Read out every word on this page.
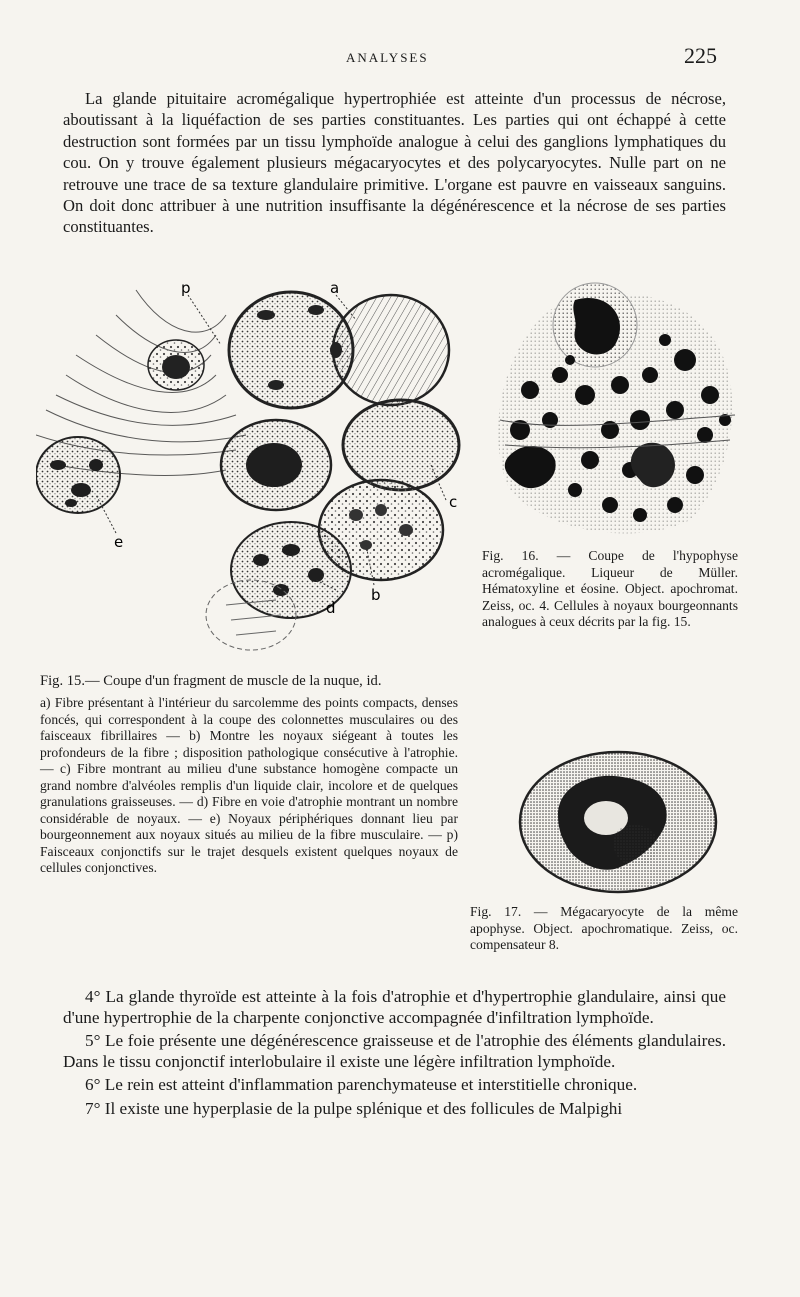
ANALYSES	225
La glande pituitaire acromégalique hypertrophiée est atteinte d'un processus de nécrose, aboutissant à la liquéfaction de ses parties constituantes. Les parties qui ont échappé à cette destruction sont formées par un tissu lymphoïde analogue à celui des ganglions lymphatiques du cou. On y trouve également plusieurs mégacaryocytes et des polycaryocytes. Nulle part on ne retrouve une trace de sa texture glandulaire primitive. L'organe est pauvre en vaisseaux sanguins. On doit donc attribuer à une nutrition insuffisante la dégénérescence et la nécrose de ses parties constituantes.
p	a
c
e
b
d
Fig. 15.— Coupe d'un fragment de muscle de la nuque, id.
a) Fibre présentant à l'intérieur du sarcolemme des points compacts, denses foncés, qui correspondent à la coupe des colonnettes musculaires ou des faisceaux fibrillaires — b) Montre les noyaux siégeant à toutes les profondeurs de la fibre ; disposition pathologique consécutive à l'atrophie. — c) Fibre montrant au milieu d'une substance homogène compacte un grand nombre d'alvéoles remplis d'un liquide clair, incolore et de quelques granulations graisseuses. — d) Fibre en voie d'atrophie montrant un nombre considérable de noyaux. — e) Noyaux périphériques donnant lieu par bourgeonnement aux noyaux situés au milieu de la fibre musculaire. — p) Faisceaux conjonctifs sur le trajet desquels existent quelques noyaux de cellules conjonctives.
Fig. 16. — Coupe de l'hypophyse acromégalique. Liqueur de Müller. Hématoxyline et éosine. Object. apochromat. Zeiss, oc. 4. Cellules à noyaux bourgeonnants analogues à ceux décrits par la fig. 15.
Fig. 17. — Mégacaryocyte de la même apophyse. Object. apochromatique. Zeiss, oc. compensateur 8.

4° La glande thyroïde est atteinte à la fois d'atrophie et d'hypertrophie glandulaire, ainsi que d'une hypertrophie de la charpente conjonctive accompagnée d'infiltration lymphoïde.

5° Le foie présente une dégénérescence graisseuse et de l'atrophie des éléments glandulaires. Dans le tissu conjonctif interlobulaire il existe une légère infiltration lymphoïde.

6° Le rein est atteint d'inflammation parenchymateuse et interstitielle chronique.

7° Il existe une hyperplasie de la pulpe splénique et des follicules de Malpighi
